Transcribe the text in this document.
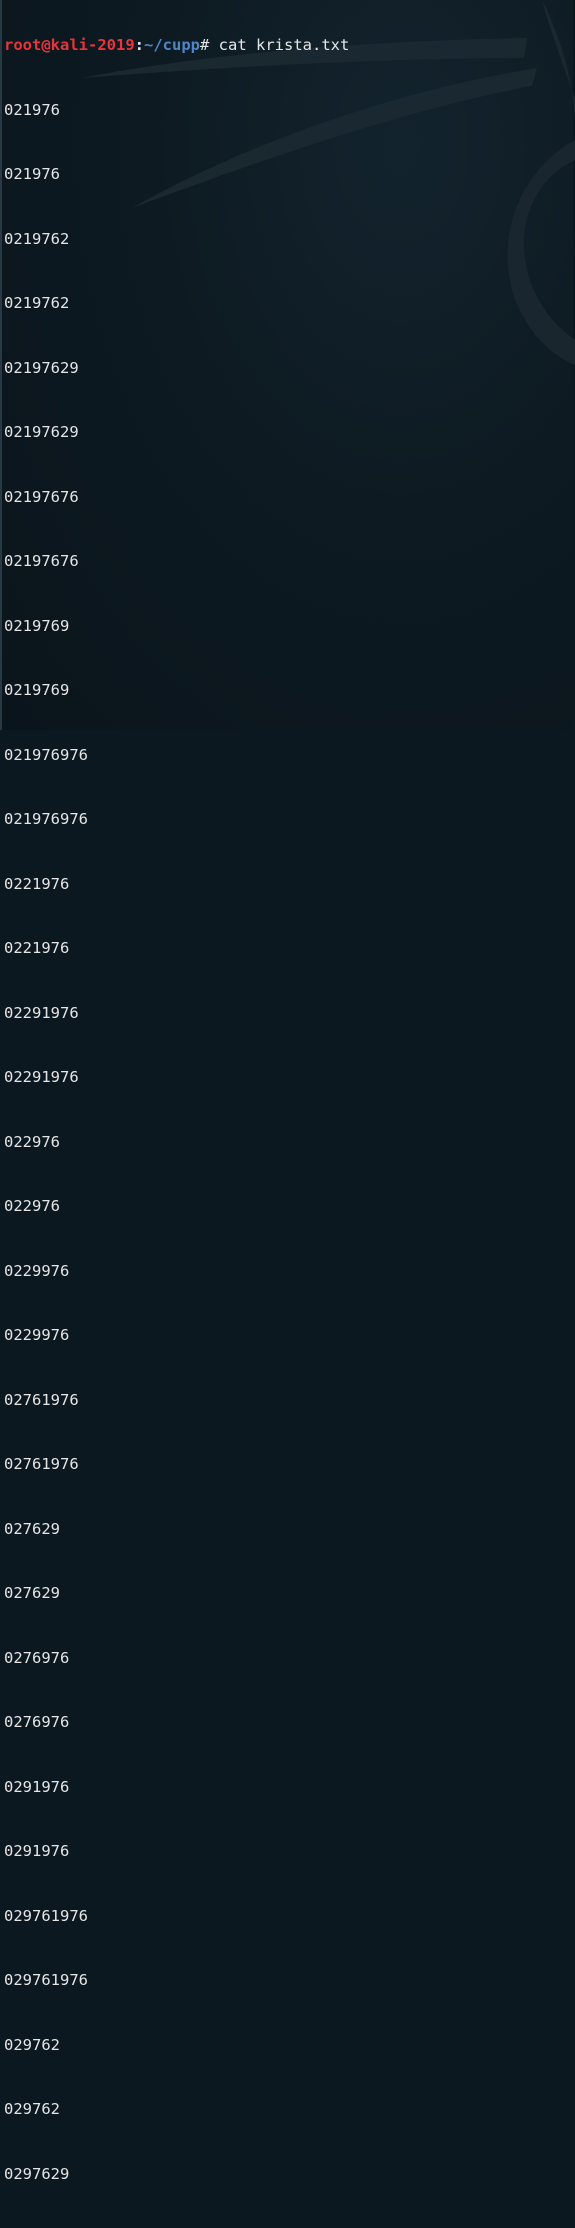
root@kali-2019:~/cupp# cat krista.txt

021976

021976

0219762

0219762

02197629

02197629

02197676

02197676

0219769

0219769

021976976

021976976

0221976

0221976

02291976

02291976

022976

022976

0229976

0229976

02761976

02761976

027629

027629

0276976

0276976

0291976

0291976

029761976

029761976

029762

029762

0297629
